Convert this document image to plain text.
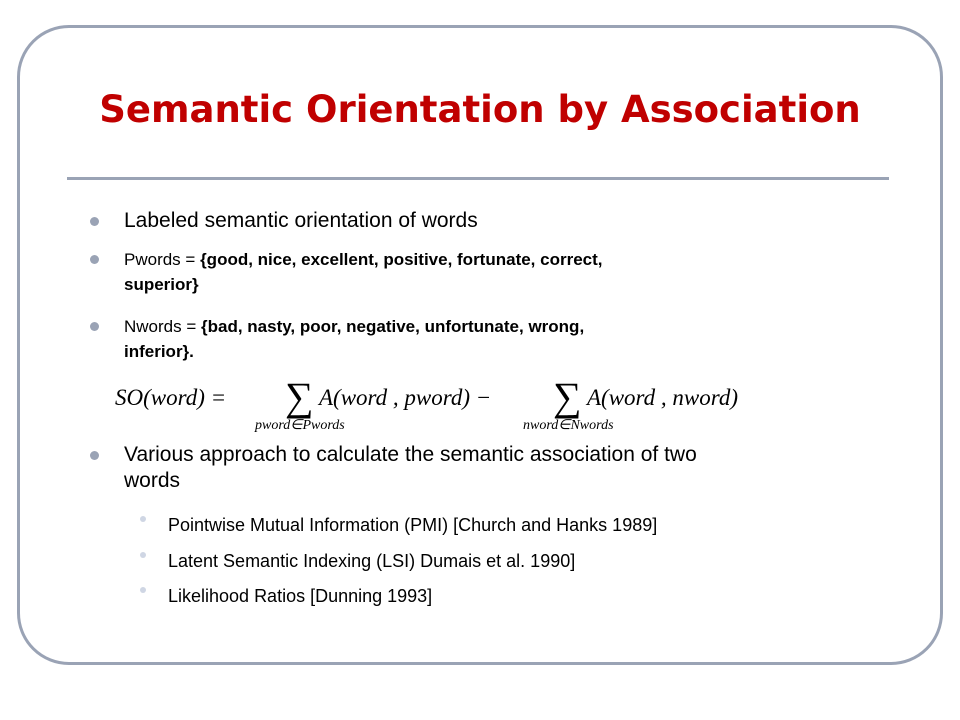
Semantic Orientation by Association
Labeled semantic orientation of words
Pwords = {good, nice, excellent, positive, fortunate, correct,
superior}
Nwords = {bad, nasty, poor, negative, unfortunate, wrong,
inferior}.
SO(word) = ∑ A(word , pword) −
pword∈Pwords
∑ A(word , nword)
nword∈Nwords
Various approach to calculate the semantic association of two
words
Pointwise Mutual Information (PMI) [Church and Hanks 1989]
Latent Semantic Indexing (LSI) Dumais et al. 1990]
Likelihood Ratios [Dunning 1993]
